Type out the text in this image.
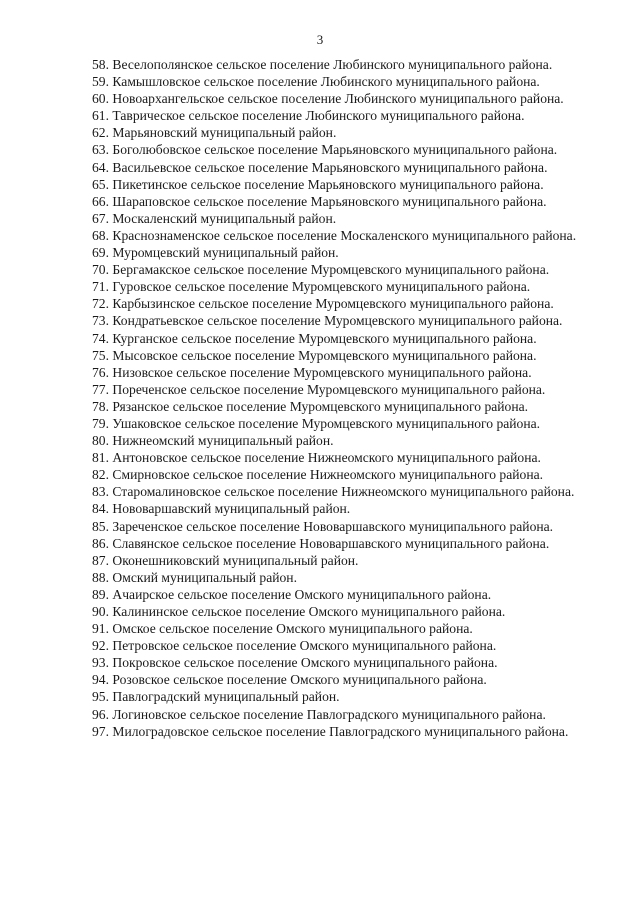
3
58. Веселополянское сельское поселение Любинского муниципального района.
59. Камышловское сельское поселение Любинского муниципального района.
60. Новоархангельское сельское поселение Любинского муниципального района.
61. Таврическое сельское поселение Любинского муниципального района.
62. Марьяновский муниципальный район.
63. Боголюбовское сельское поселение Марьяновского муниципального района.
64. Васильевское сельское поселение Марьяновского муниципального района.
65. Пикетинское сельское поселение Марьяновского муниципального района.
66. Шараповское сельское поселение Марьяновского муниципального района.
67. Москаленский муниципальный район.
68. Краснознаменское сельское поселение Москаленского муниципального района.
69. Муромцевский муниципальный район.
70. Бергамакское сельское поселение Муромцевского муниципального района.
71. Гуровское сельское поселение Муромцевского муниципального района.
72. Карбызинское сельское поселение Муромцевского муниципального района.
73. Кондратьевское сельское поселение Муромцевского муниципального района.
74. Курганское сельское поселение Муромцевского муниципального района.
75. Мысовское сельское поселение Муромцевского муниципального района.
76. Низовское сельское поселение Муромцевского муниципального района.
77. Пореченское сельское поселение Муромцевского муниципального района.
78. Рязанское сельское поселение Муромцевского муниципального района.
79. Ушаковское сельское поселение Муромцевского муниципального района.
80. Нижнеомский муниципальный район.
81. Антоновское сельское поселение Нижнеомского муниципального района.
82. Смирновское сельское поселение Нижнеомского муниципального района.
83. Старомалиновское сельское поселение Нижнеомского муниципального района.
84. Нововаршавский муниципальный район.
85. Зареченское сельское поселение Нововаршавского муниципального района.
86. Славянское сельское поселение Нововаршавского муниципального района.
87. Оконешниковский муниципальный район.
88. Омский муниципальный район.
89. Ачаирское сельское поселение Омского муниципального района.
90. Калининское сельское поселение Омского муниципального района.
91. Омское сельское поселение Омского муниципального района.
92. Петровское сельское поселение Омского муниципального района.
93. Покровское сельское поселение Омского муниципального района.
94. Розовское сельское поселение Омского муниципального района.
95. Павлоградский муниципальный район.
96. Логиновское сельское поселение Павлоградского муниципального района.
97. Милоградовское сельское поселение Павлоградского муниципального района.
